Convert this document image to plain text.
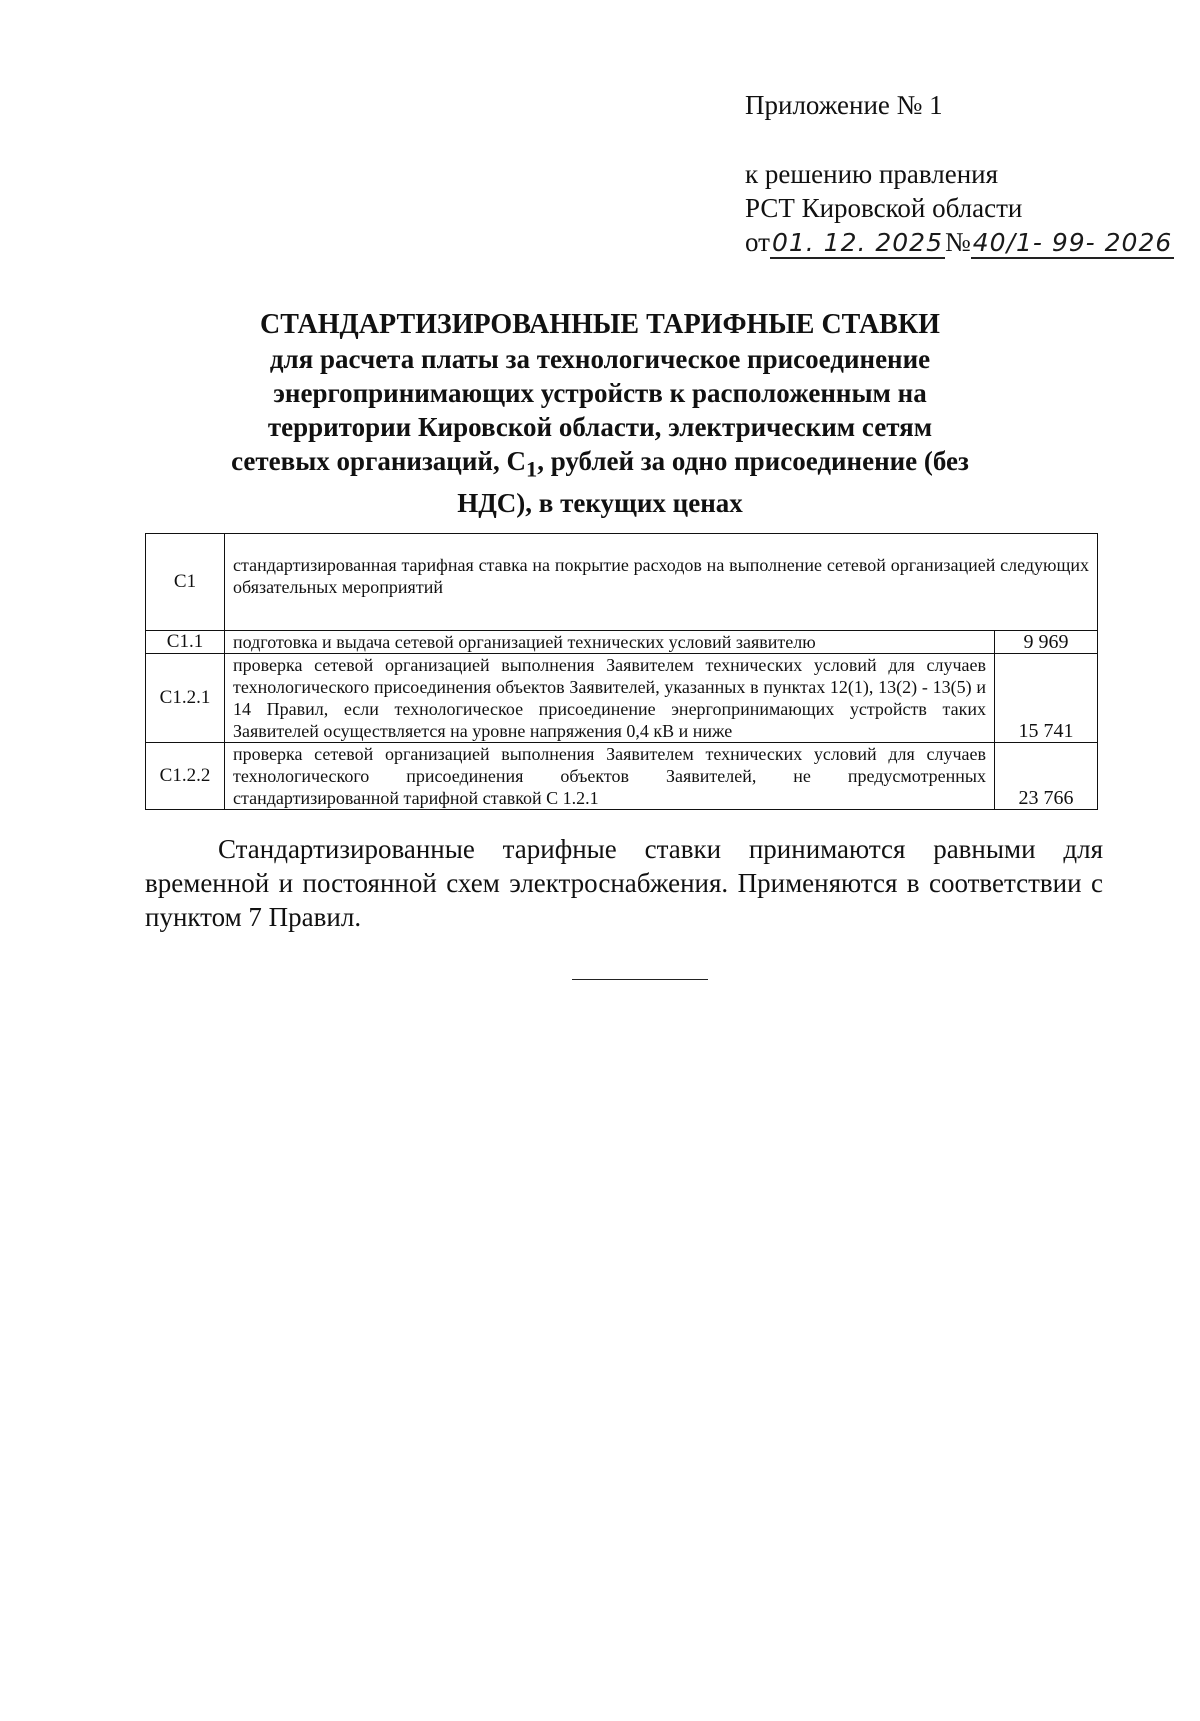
Приложение № 1
к решению правления
РСТ Кировской области
от01. 12. 2025№40/1- 99- 2026
СТАНДАРТИЗИРОВАННЫЕ ТАРИФНЫЕ СТАВКИ
для расчета платы за технологическое присоединение
энергопринимающих устройств к расположенным на
территории Кировской области, электрическим сетям
сетевых организаций, $С_1$, рублей за одно присоединение (без
НДС), в текущих ценах
С1	стандартизированная тарифная ставка на покрытие расходов на выполнение сетевой организацией следующих обязательных мероприятий	
С1.1	подготовка и выдача сетевой организацией технических условий заявителю	9 969
С1.2.1	проверка сетевой организацией выполнения Заявителем технических условий для случаев технологического присоединения объектов Заявителей, указанных в пунктах 12(1), 13(2) - 13(5) и 14 Правил, если технологическое присоединение энергопринимающих устройств таких Заявителей осуществляется на уровне напряжения 0,4 кВ и ниже	15 741
С1.2.2	проверка сетевой организацией выполнения Заявителем технических условий для случаев технологического присоединения объектов Заявителей, не предусмотренных стандартизированной тарифной ставкой С 1.2.1	23 766
Стандартизированные тарифные ставки принимаются равными для временной и постоянной схем электроснабжения. Применяются в соответствии с пунктом 7 Правил.
